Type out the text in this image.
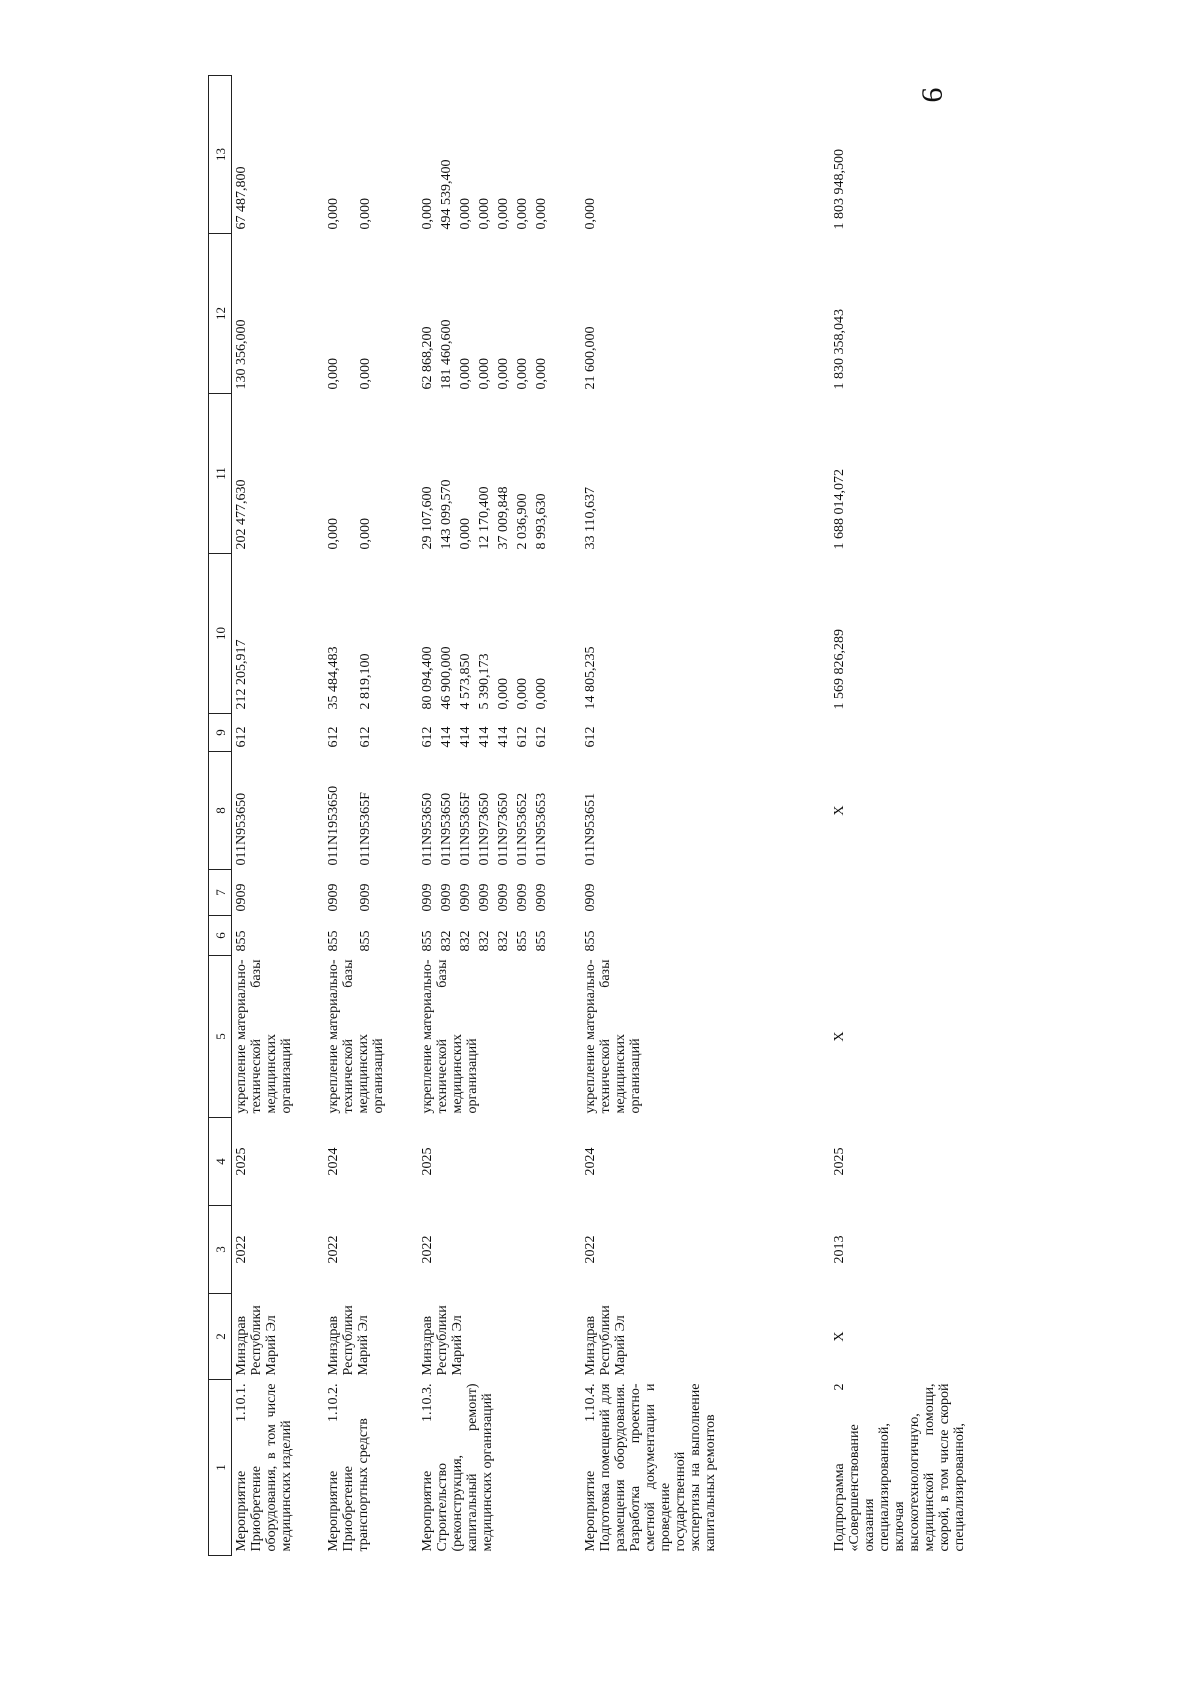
9
1	2	3	4	5	6	7	8	9	10	11	12	13
Мероприятие 1.10.1. Приобретение оборудования, в том числе медицинских изделий	Минздрав Республики Марий Эл	2022	2025	укрепление материально-технической базы медицинских организаций	855	0909	011N953650	612	212 205,917	202 477,630	130 356,000	67 487,800

Мероприятие 1.10.2. Приобретение транспортных средств	Минздрав Республики Марий Эл	2022	2024	укрепление материально-технической базы медицинских организаций	855	0909	011N1953650	612	35 484,483	0,000	0,000	0,000
					855	0909	011N95365F	612	2 819,100	0,000	0,000	0,000

Мероприятие 1.10.3. Строительство (реконструкция, капитальный ремонт) медицинских организаций	Минздрав Республики Марий Эл	2022	2025	укрепление материально-технической базы медицинских организаций	855	0909	011N953650	612	80 094,400	29 107,600	62 868,200	0,000
					832	0909	011N953650	414	46 900,000	143 099,570	181 460,600	494 539,400
					832	0909	011N95365F	414	4 573,850	0,000	0,000	0,000
					832	0909	011N973650	414	5 390,173	12 170,400	0,000	0,000
					832	0909	011N973650	414	0,000	37 009,848	0,000	0,000
					855	0909	011N953652	612	0,000	2 036,900	0,000	0,000
					855	0909	011N953653	612	0,000	8 993,630	0,000	0,000

Мероприятие 1.10.4. Подготовка помещений для размещения оборудования. Разработка проектно-сметной документации и проведение государственной экспертизы на выполнение капитальных ремонтов	Минздрав Республики Марий Эл	2022	2024	укрепление материально-технической базы медицинских организаций	855	0909	011N953651	612	14 805,235	33 110,637	21 600,000	0,000

Подпрограмма 2 «Совершенствование оказания специализированной, включая высокотехнологичную, медицинской помощи, скорой, в том числе скорой специализированной,	X	2013	2025	X			X		1 569 826,289	1 688 014,072	1 830 358,043	1 803 948,500
